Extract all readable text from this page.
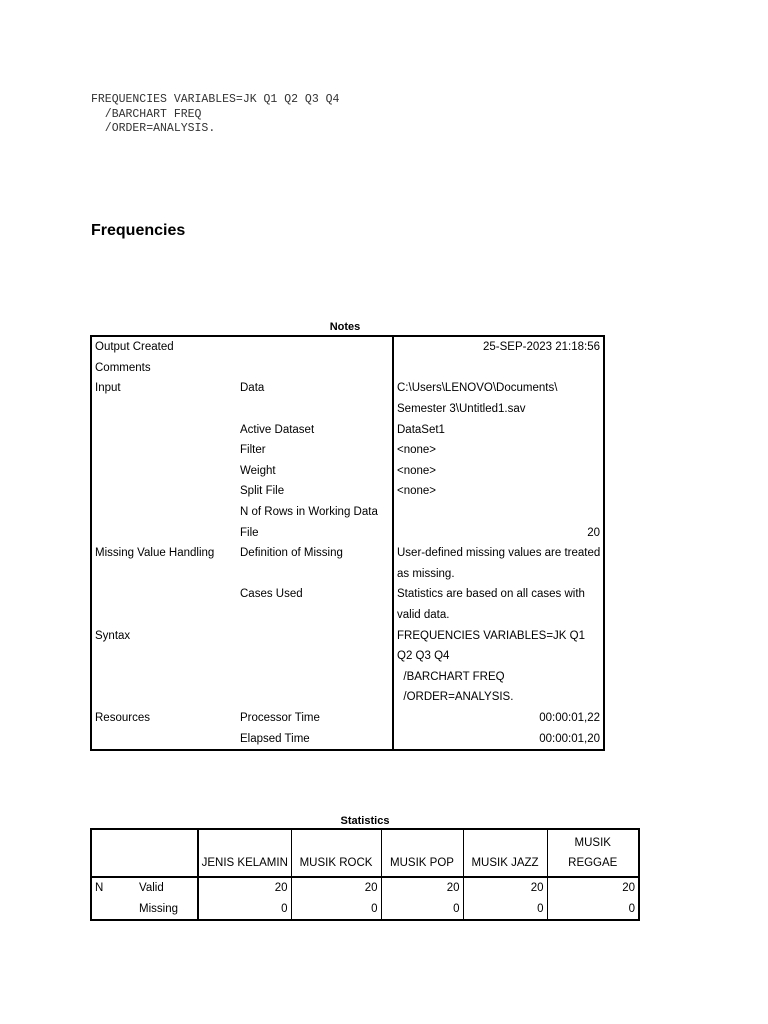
FREQUENCIES VARIABLES=JK Q1 Q2 Q3 Q4
/BARCHART FREQ
/ORDER=ANALYSIS.
Frequencies
Notes
Output Created		25-SEP-2023 21:18:56
Comments		
Input	Data	C:\Users\LENOVO\Documents\
		Semester 3\Untitled1.sav
	Active Dataset	DataSet1
	Filter	<none>
	Weight	<none>
	Split File	<none>
	N of Rows in Working Data	
	File	20
Missing Value Handling	Definition of Missing	User-defined missing values are treated
		as missing.
	Cases Used	Statistics are based on all cases with
		valid data.
Syntax		FREQUENCIES VARIABLES=JK Q1
		Q2 Q3 Q4
		/BARCHART FREQ
		/ORDER=ANALYSIS.
Resources	Processor Time	00:00:01,22
	Elapsed Time	00:00:01,20
Statistics
		JENIS KELAMIN	MUSIK ROCK	MUSIK POP	MUSIK JAZZ	MUSIK REGGAE
N	Valid	20	20	20	20	20
	Missing	0	0	0	0	0
